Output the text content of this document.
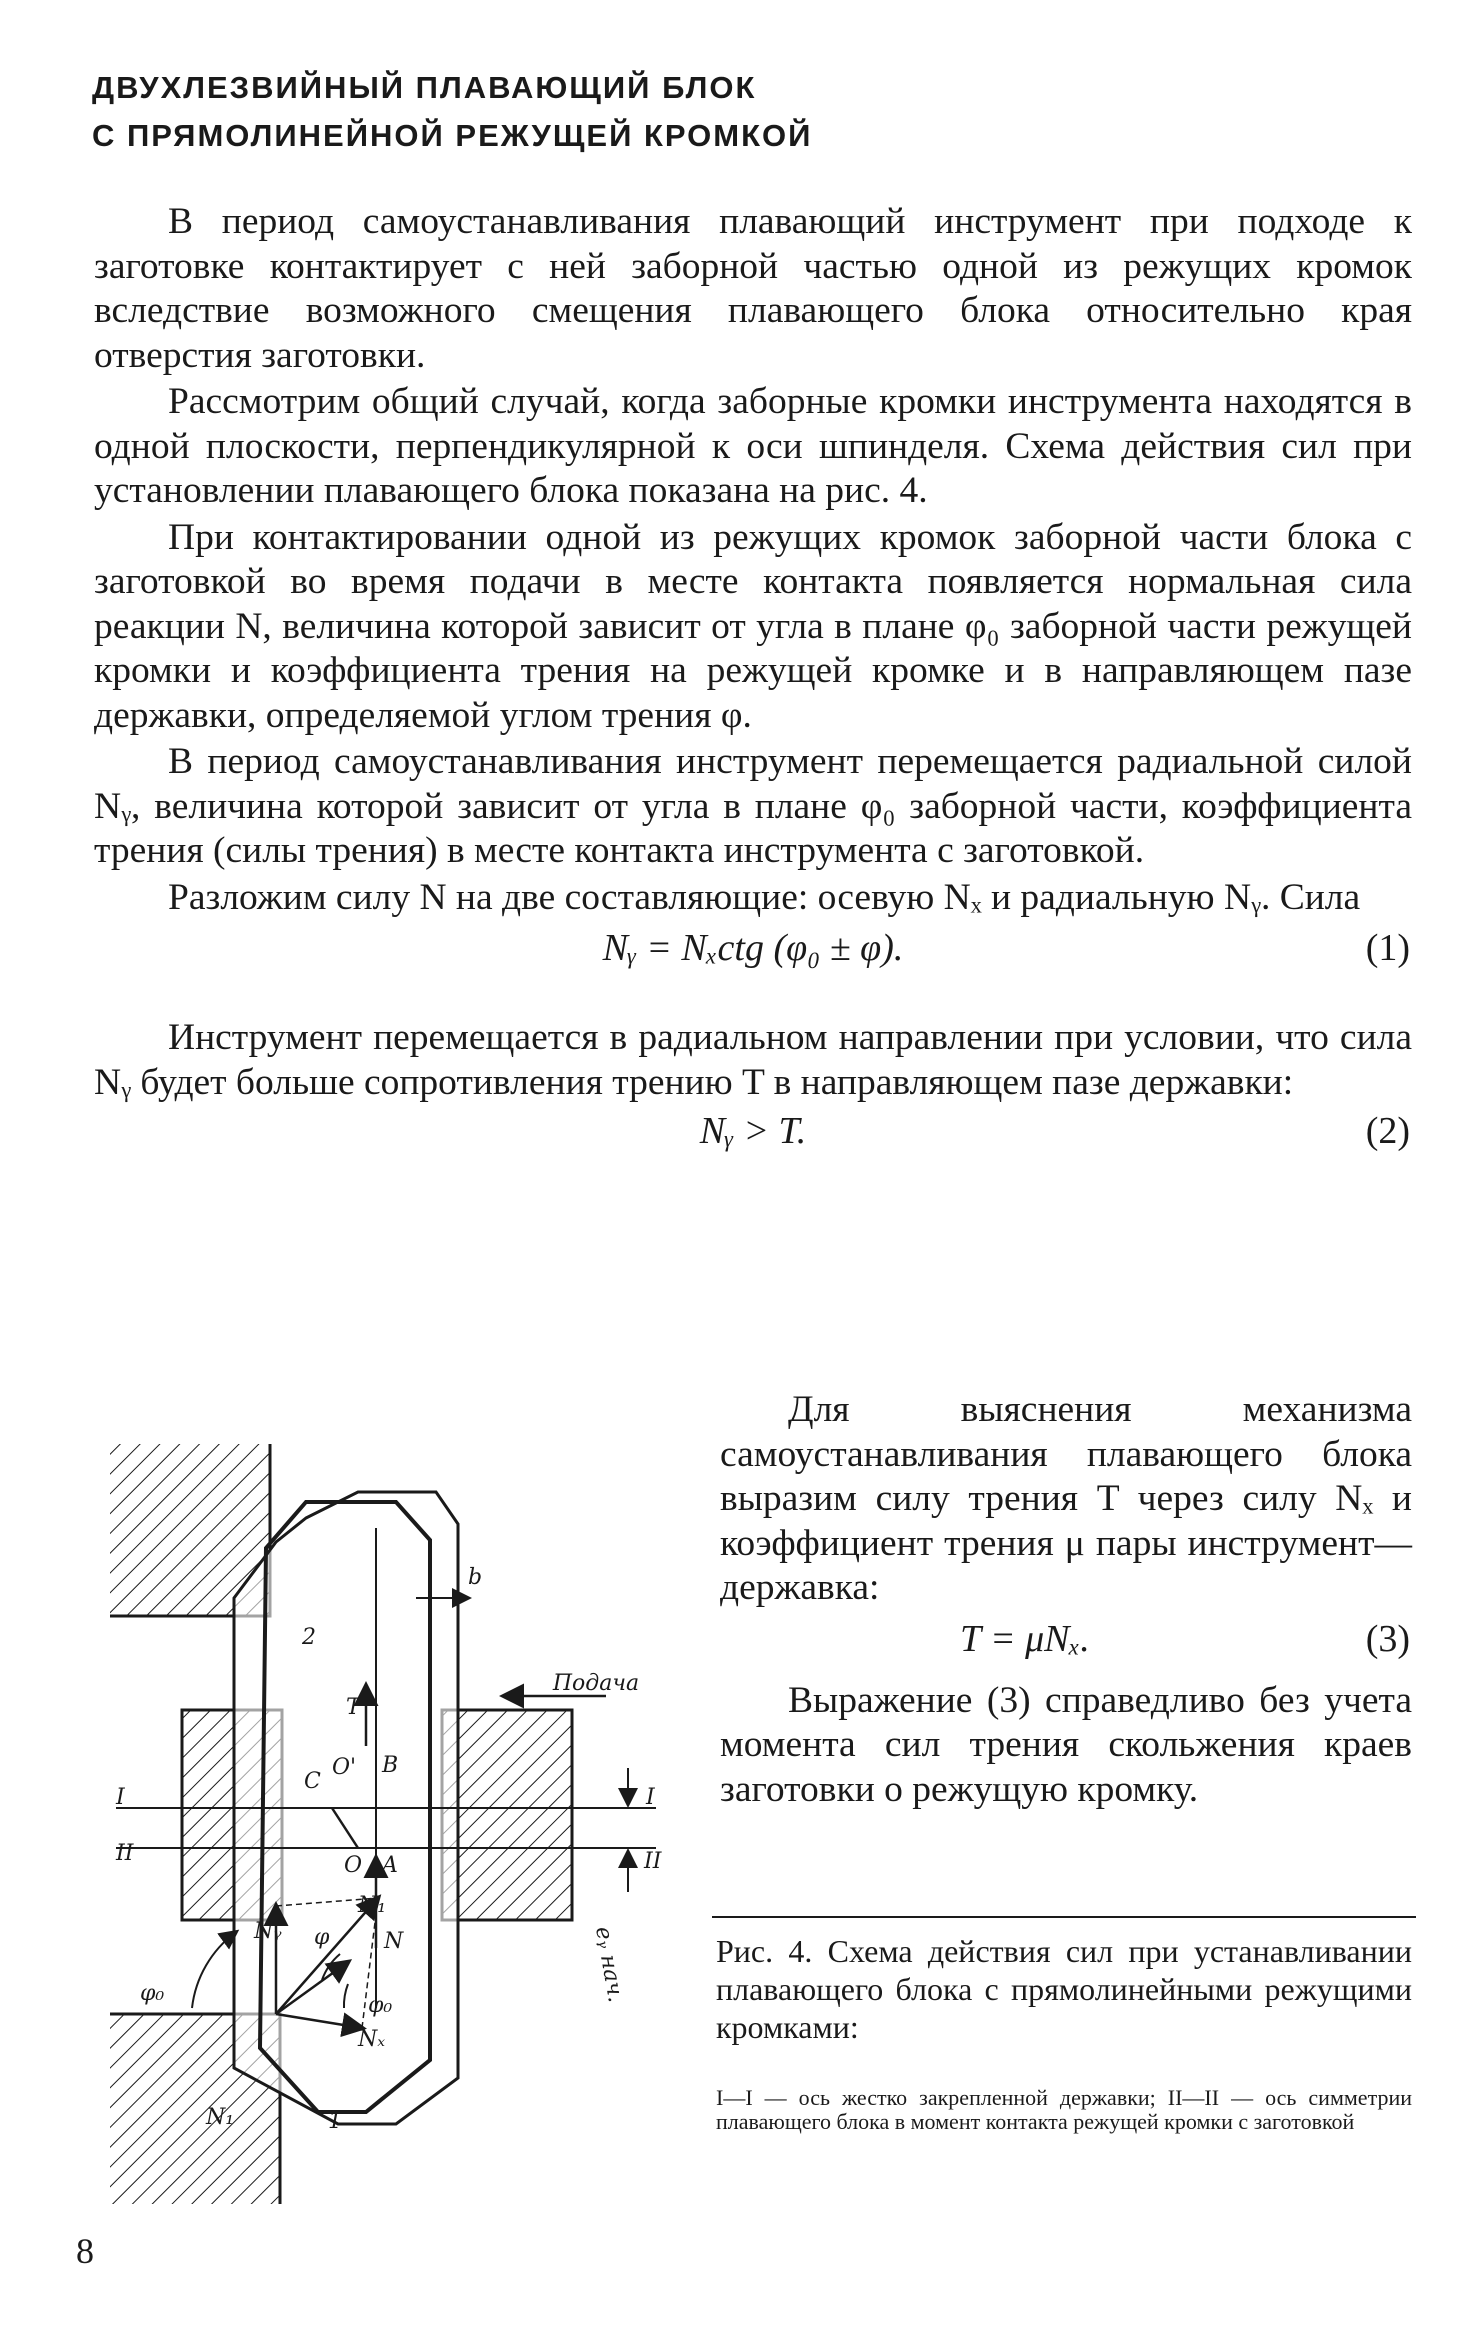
ДВУХЛЕЗВИЙНЫЙ ПЛАВАЮЩИЙ БЛОК
С ПРЯМОЛИНЕЙНОЙ РЕЖУЩЕЙ КРОМКОЙ

В период самоустанавливания плавающий инструмент при подходе к заготовке контактирует с ней заборной частью одной из режущих кромок вследствие возможного смещения плавающего блока относительно края отверстия заготовки.

Рассмотрим общий случай, когда заборные кромки инструмента находятся в одной плоскости, перпендикулярной к оси шпинделя. Схема действия сил при установлении плавающего блока показана на рис. 4.

При контактировании одной из режущих кромок заборной части блока с заготовкой во время подачи в месте контакта появляется нормальная сила реакции N, величина которой зависит от угла в плане φ₀ заборной части режущей кромки и коэффициента трения на режущей кромке и в направляющем пазе державки, определяемой углом трения φ.

В период самоустанавливания инструмент перемещается радиальной силой Nᵧ, величина которой зависит от угла в плане φ₀ заборной части, коэффициента трения (силы трения) в месте контакта инструмента с заготовкой.

Разложим силу N на две составляющие: осевую Nₓ и радиальную Nᵧ. Сила

Nᵧ = Nₓctg (φ₀ ± φ).	(1)

Инструмент перемещается в радиальном направлении при условии, что сила Nᵧ будет больше сопротивления трению T в направляющем пазе державки:

Nᵧ > T.	(2)

Для выяснения механизма самоустанавливания плавающего блока выразим силу трения T через силу Nₓ и коэффициент трения μ пары инструмент—державка:

T = μNₓ.	(3)

Выражение (3) справедливо без учета момента сил трения скольжения краев заготовки о режущую кромку.

Подача
b
eᵧ нач.
2
1
I
II
I
II
C
O' B
O A
T
N
N₁
Nᵧ
Nₓ
φ
φ₀	φ₀
N₁
Рис. 4. Схема действия сил при устанавливании плавающего блока с прямолинейными режущими кромками:
I—I — ось жестко закрепленной державки; II—II — ось симметрии плавающего блока в момент контакта режущей кромки с заготовкой
8
